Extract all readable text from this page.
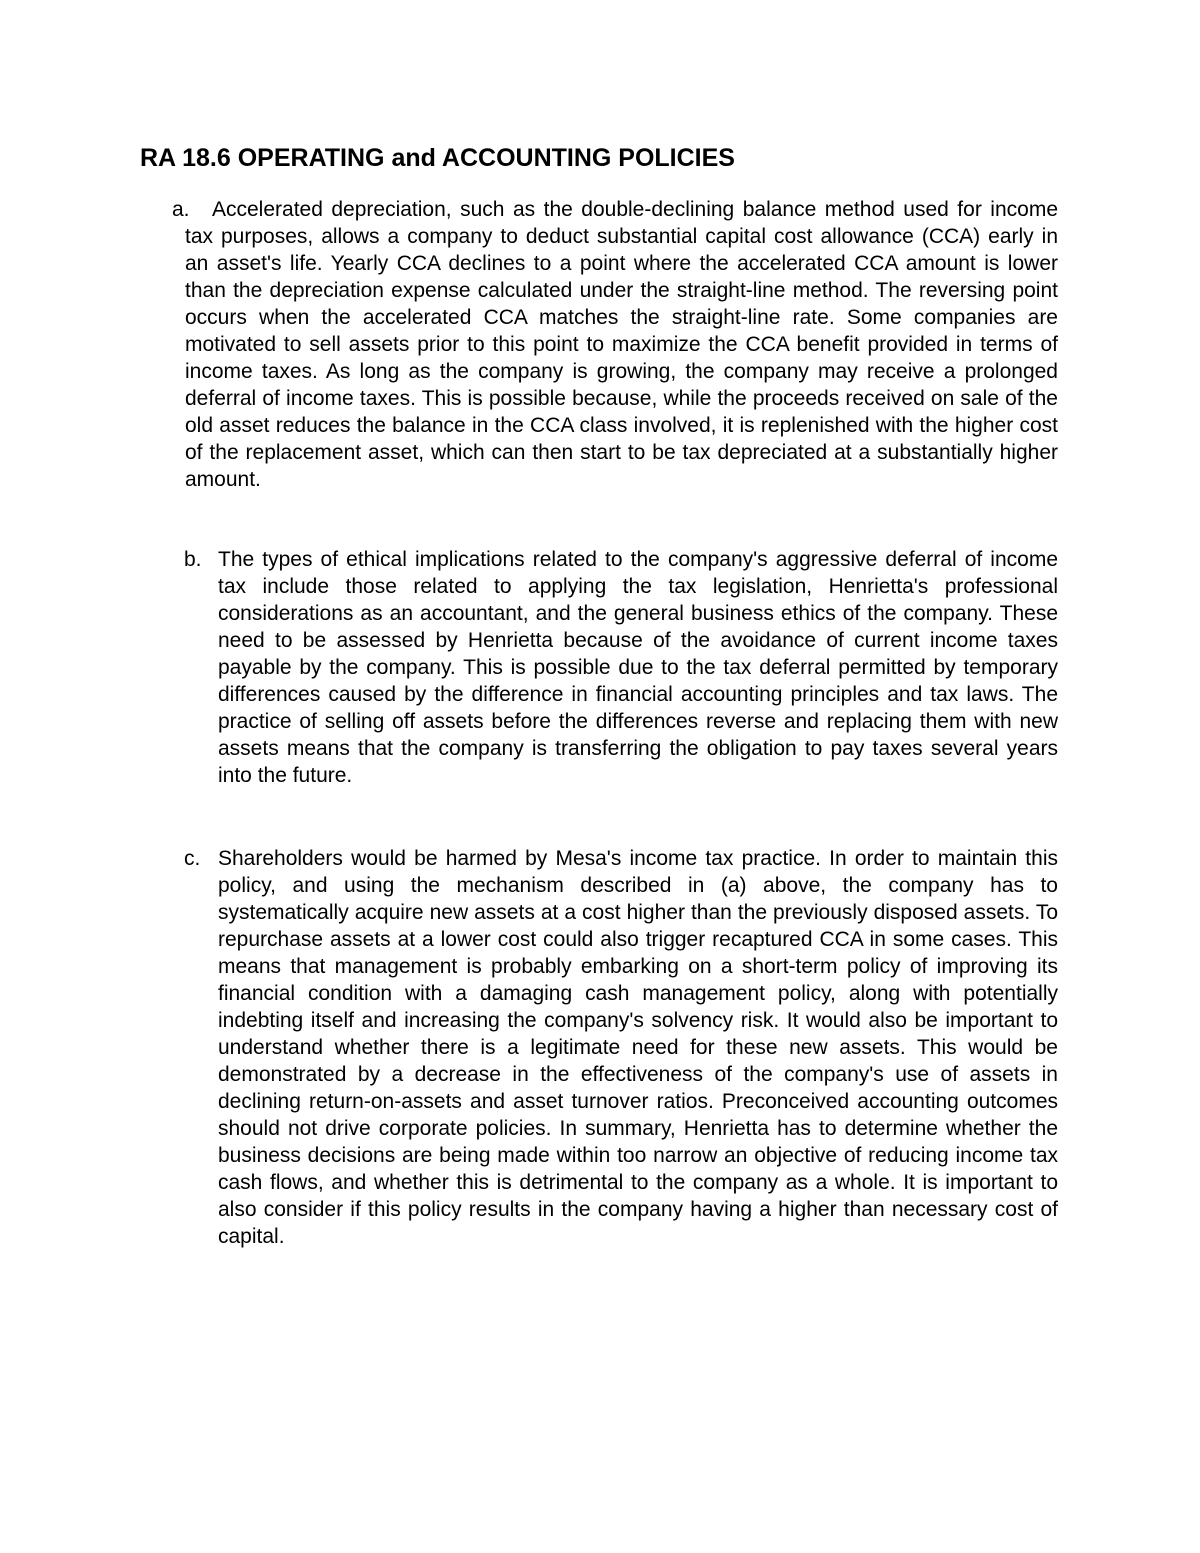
RA 18.6 OPERATING and ACCOUNTING POLICIES
a.	Accelerated depreciation, such as the double-declining balance method used for income tax purposes, allows a company to deduct substantial capital cost allowance (CCA) early in an asset's life. Yearly CCA declines to a point where the accelerated CCA amount is lower than the depreciation expense calculated under the straight-line method. The reversing point occurs when the accelerated CCA matches the straight-line rate. Some companies are motivated to sell assets prior to this point to maximize the CCA benefit provided in terms of income taxes. As long as the company is growing, the company may receive a prolonged deferral of income taxes. This is possible because, while the proceeds received on sale of the old asset reduces the balance in the CCA class involved, it is replenished with the higher cost of the replacement asset, which can then start to be tax depreciated at a substantially higher amount.

b. The types of ethical implications related to the company's aggressive deferral of income tax include those related to applying the tax legislation, Henrietta's professional considerations as an accountant, and the general business ethics of the company. These need to be assessed by Henrietta because of the avoidance of current income taxes payable by the company. This is possible due to the tax deferral permitted by temporary differences caused by the difference in financial accounting principles and tax laws. The practice of selling off assets before the differences reverse and replacing them with new assets means that the company is transferring the obligation to pay taxes several years into the future.

c. Shareholders would be harmed by Mesa's income tax practice. In order to maintain this policy, and using the mechanism described in (a) above, the company has to systematically acquire new assets at a cost higher than the previously disposed assets. To repurchase assets at a lower cost could also trigger recaptured CCA in some cases. This means that management is probably embarking on a short-term policy of improving its financial condition with a damaging cash management policy, along with potentially indebting itself and increasing the company's solvency risk. It would also be important to understand whether there is a legitimate need for these new assets. This would be demonstrated by a decrease in the effectiveness of the company's use of assets in declining return-on-assets and asset turnover ratios. Preconceived accounting outcomes should not drive corporate policies. In summary, Henrietta has to determine whether the business decisions are being made within too narrow an objective of reducing income tax cash flows, and whether this is detrimental to the company as a whole. It is important to also consider if this policy results in the company having a higher than necessary cost of capital.
